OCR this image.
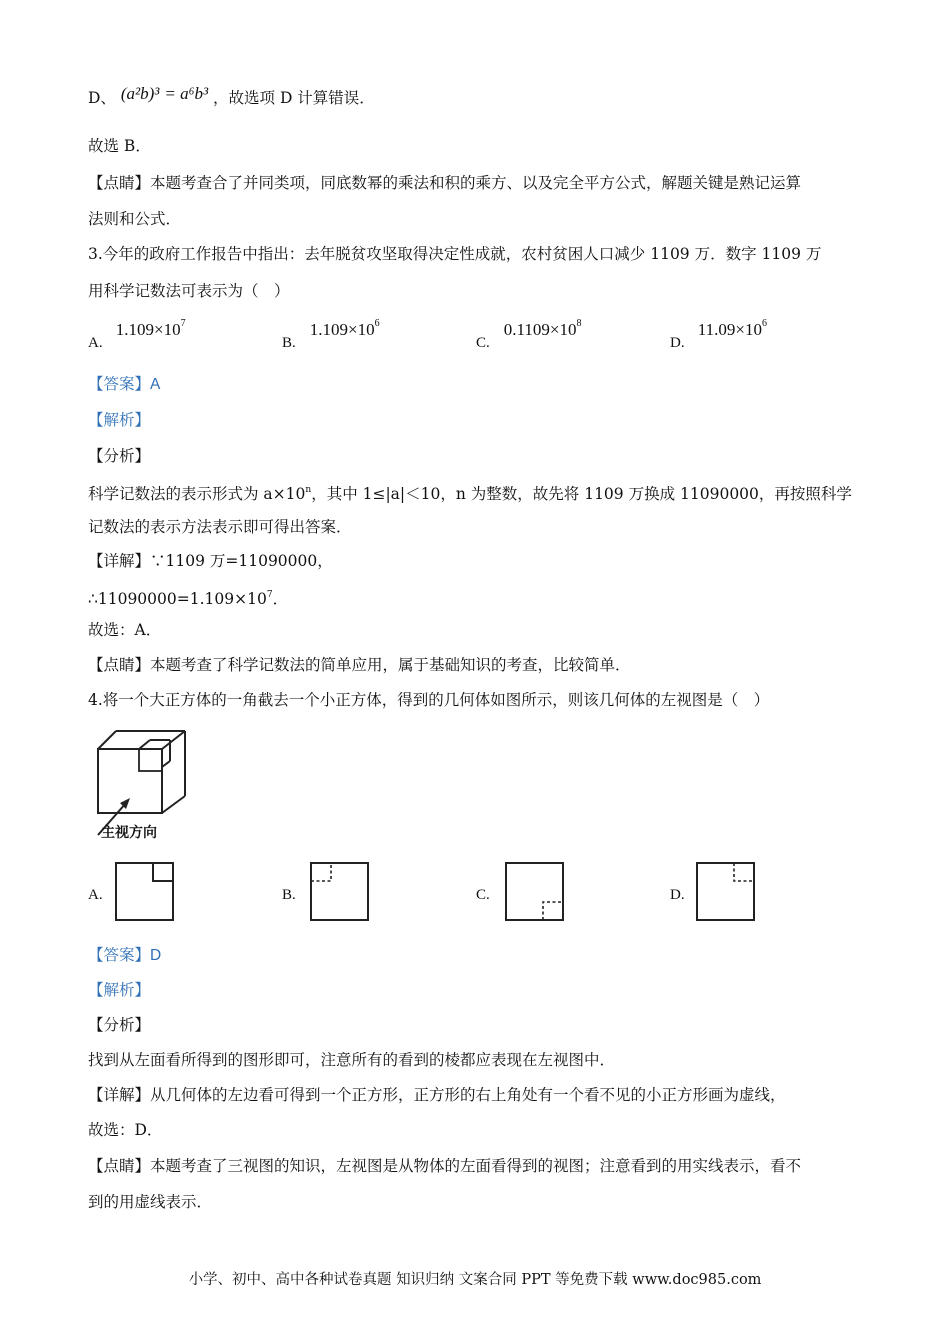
D、 (a²b)³ = a⁶b³ ，故选项 D 计算错误．
故选 B．
【点睛】本题考查合了并同类项，同底数幂的乘法和积的乘方、以及完全平方公式，解题关键是熟记运算
法则和公式．
3.今年的政府工作报告中指出：去年脱贫攻坚取得决定性成就，农村贫困人口减少 1109 万．数字 1109 万
用科学记数法可表示为（　）
A. $1.109\times 10^7$
B. $1.109\times 10^6$
C. $0.1109\times 10^8$
D. $11.09\times 10^6$
【答案】A
【解析】
【分析】
科学记数法的表示形式为 $a\times 10^n$，其中 1≤|a|＜10，n 为整数，故先将 1109 万换成 11090000，再按照科学
记数法的表示方法表示即可得出答案．
【详解】∵1109 万=11090000，
$\therefore 11090000=1.109\times 10^7$．
故选：A．
【点睛】本题考查了科学记数法的简单应用，属于基础知识的考查，比较简单．
4.将一个大正方体的一角截去一个小正方体，得到的几何体如图所示，则该几何体的左视图是（　）
主视方向
A.	B.	C.	D.
【答案】D
【解析】
【分析】
找到从左面看所得到的图形即可，注意所有的看到的棱都应表现在左视图中．
【详解】从几何体的左边看可得到一个正方形，正方形的右上角处有一个看不见的小正方形画为虚线，
故选：D．
【点睛】本题考查了三视图的知识，左视图是从物体的左面看得到的视图；注意看到的用实线表示，看不
到的用虚线表示．
小学、初中、高中各种试卷真题 知识归纳 文案合同 PPT 等免费下载 www.doc985.com
